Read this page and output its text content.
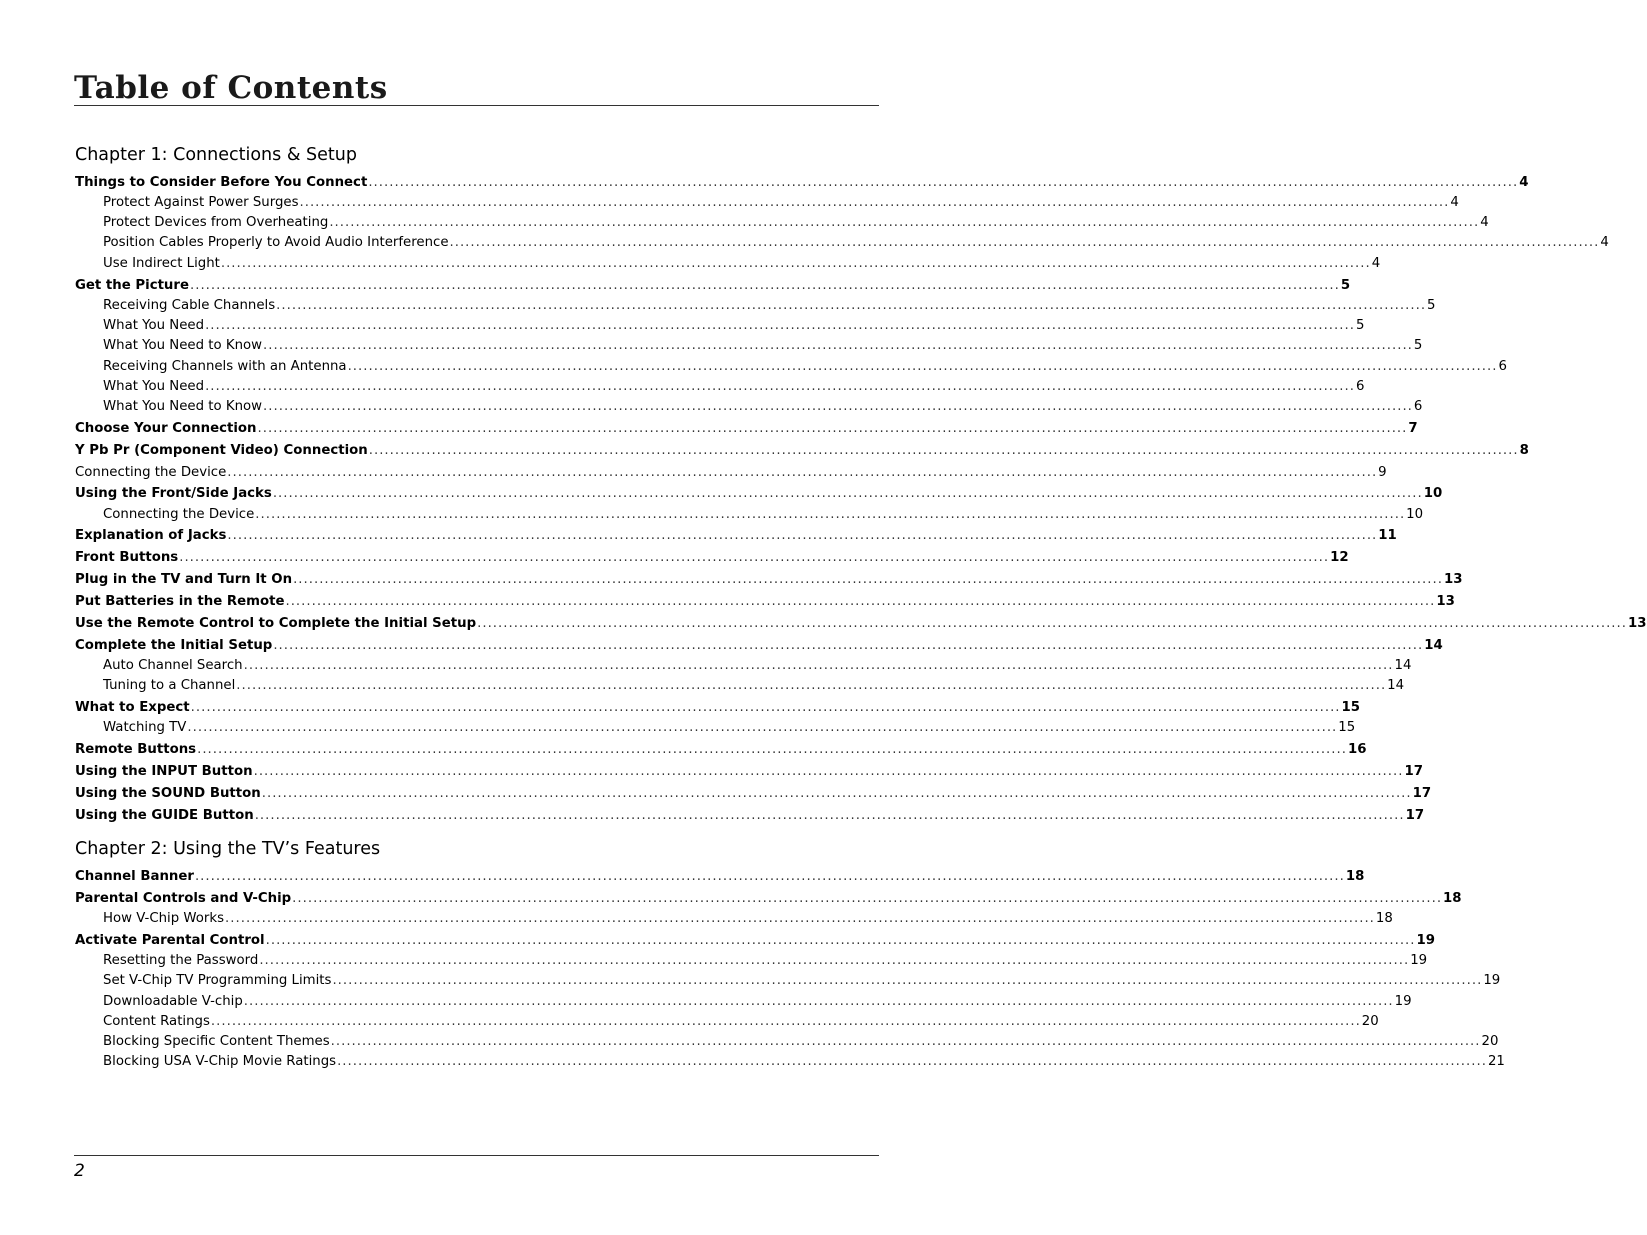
Table of Contents
Chapter 1: Connections & Setup
Things to Consider Before You Connect ............................................................................................................................................................................................................................ 4
Protect Against Power Surges ............................................................................................................................................................................................................................ 4
Protect Devices from Overheating ............................................................................................................................................................................................................................ 4
Position Cables Properly to Avoid Audio Interference ............................................................................................................................................................................................................................ 4
Use Indirect Light ............................................................................................................................................................................................................................ 4
Get the Picture ............................................................................................................................................................................................................................ 5
Receiving Cable Channels ............................................................................................................................................................................................................................ 5
What You Need ............................................................................................................................................................................................................................ 5
What You Need to Know ............................................................................................................................................................................................................................ 5
Receiving Channels with an Antenna ............................................................................................................................................................................................................................ 6
What You Need ............................................................................................................................................................................................................................ 6
What You Need to Know ............................................................................................................................................................................................................................ 6
Choose Your Connection ............................................................................................................................................................................................................................ 7
Y Pb Pr (Component Video) Connection ............................................................................................................................................................................................................................ 8
Connecting the Device ............................................................................................................................................................................................................................ 9
Using the Front/Side Jacks ............................................................................................................................................................................................................................ 10
Connecting the Device ............................................................................................................................................................................................................................ 10
Explanation of Jacks ............................................................................................................................................................................................................................ 11
Front Buttons ............................................................................................................................................................................................................................ 12
Plug in the TV and Turn It On ............................................................................................................................................................................................................................ 13
Put Batteries in the Remote ............................................................................................................................................................................................................................ 13
Use the Remote Control to Complete the Initial Setup ............................................................................................................................................................................................................................ 13
Complete the Initial Setup ............................................................................................................................................................................................................................ 14
Auto Channel Search ............................................................................................................................................................................................................................ 14
Tuning to a Channel ............................................................................................................................................................................................................................ 14
What to Expect ............................................................................................................................................................................................................................ 15
Watching TV ............................................................................................................................................................................................................................ 15
Remote Buttons ............................................................................................................................................................................................................................ 16
Using the INPUT Button ............................................................................................................................................................................................................................ 17
Using the SOUND Button ............................................................................................................................................................................................................................ 17
Using the GUIDE Button ............................................................................................................................................................................................................................ 17
Chapter 2: Using the TV’s Features
Channel Banner ............................................................................................................................................................................................................................ 18
Parental Controls and V-Chip ............................................................................................................................................................................................................................ 18
How V-Chip Works ............................................................................................................................................................................................................................ 18
Activate Parental Control ............................................................................................................................................................................................................................ 19
Resetting the Password ............................................................................................................................................................................................................................ 19
Set V-Chip TV Programming Limits ............................................................................................................................................................................................................................ 19
Downloadable V-chip ............................................................................................................................................................................................................................ 19
Content Ratings ............................................................................................................................................................................................................................ 20
Blocking Specific Content Themes ............................................................................................................................................................................................................................ 20
Blocking USA V-Chip Movie Ratings ............................................................................................................................................................................................................................ 21
2
